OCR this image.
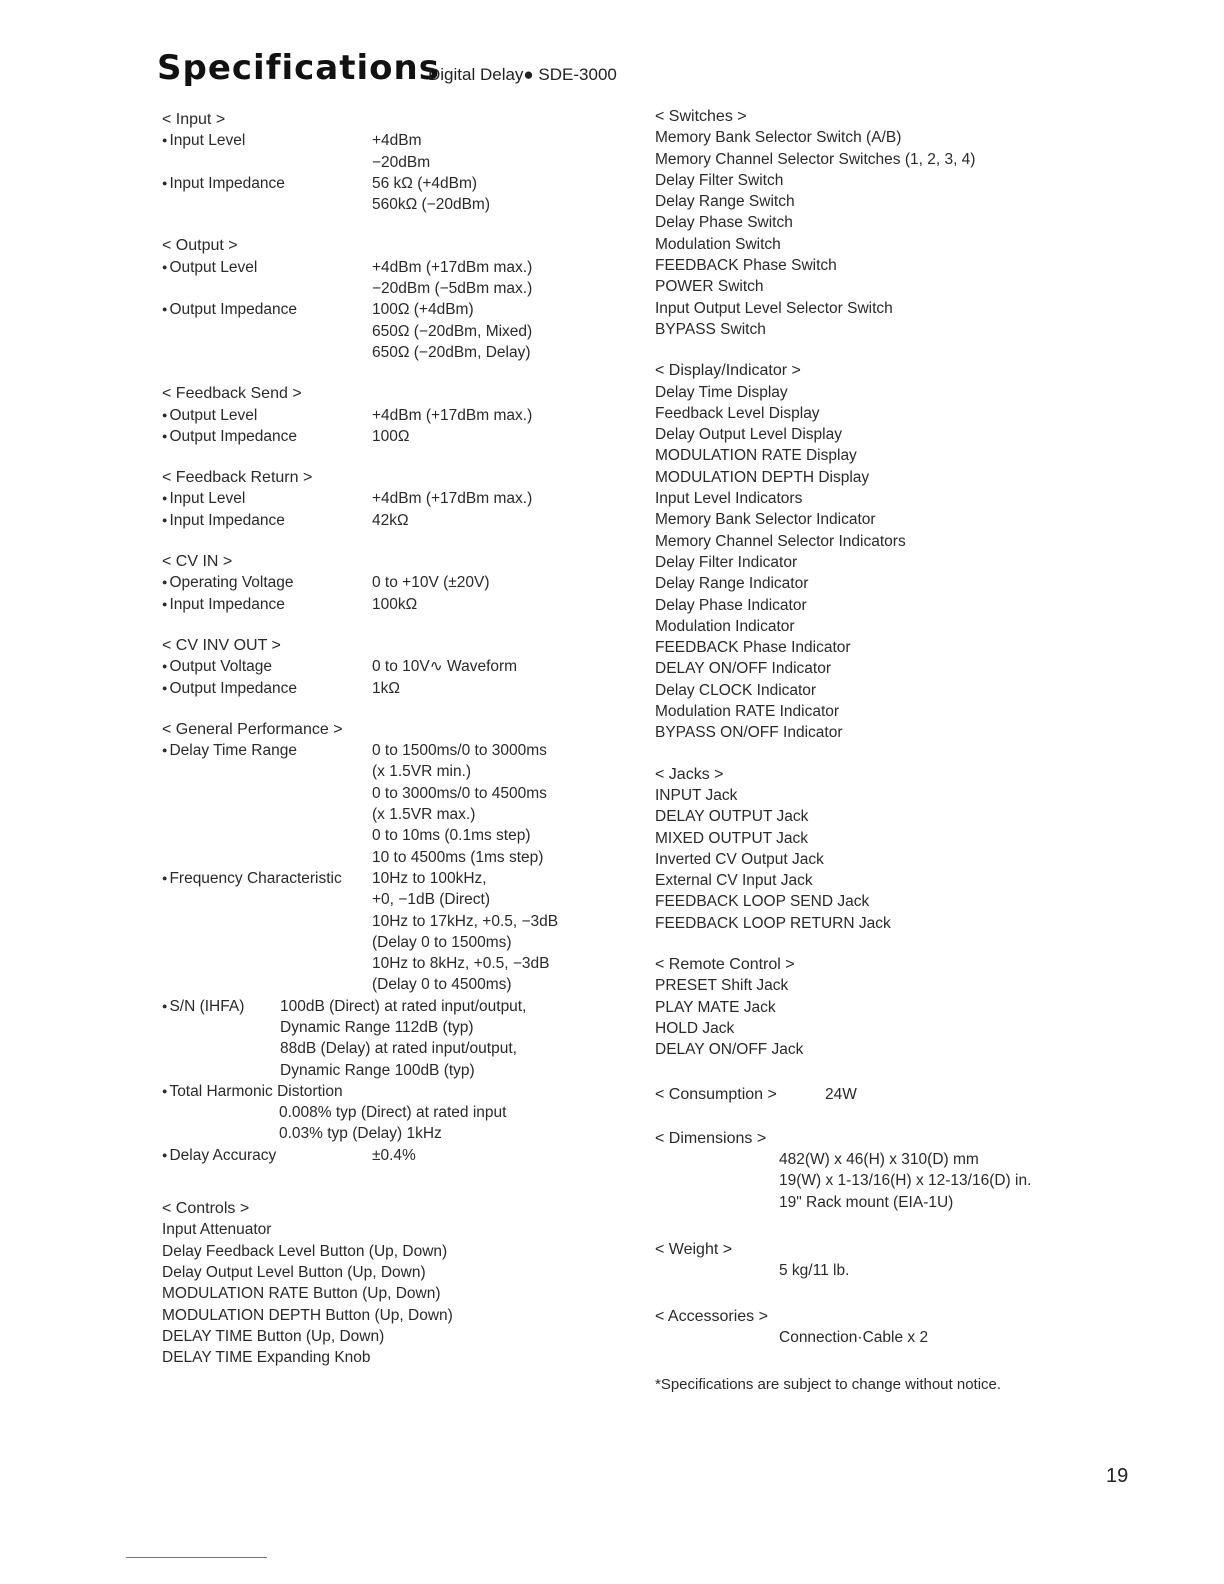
Specifications
Digital Delay● SDE-3000
< Input >
● Input Level	+4dBm
−20dBm
● Input Impedance	56 kΩ (+4dBm)
560kΩ (−20dBm)
< Output >
● Output Level	+4dBm (+17dBm max.)
−20dBm (−5dBm max.)
● Output Impedance	100Ω (+4dBm)
650Ω (−20dBm, Mixed)
650Ω (−20dBm, Delay)
< Feedback Send >
● Output Level	+4dBm (+17dBm max.)
● Output Impedance	100Ω
< Feedback Return >
● Input Level	+4dBm (+17dBm max.)
● Input Impedance	42kΩ
< CV IN >
● Operating Voltage	0 to +10V (±20V)
● Input Impedance	100kΩ
< CV INV OUT >
● Output Voltage	0 to 10V∿ Waveform
● Output Impedance	1kΩ
< General Performance >
● Delay Time Range	0 to 1500ms/0 to 3000ms
(x 1.5VR min.)
0 to 3000ms/0 to 4500ms
(x 1.5VR max.)
0 to 10ms (0.1ms step)
10 to 4500ms (1ms step)
● Frequency Characteristic	10Hz to 100kHz,
+0, −1dB (Direct)
10Hz to 17kHz, +0.5, −3dB
(Delay 0 to 1500ms)
10Hz to 8kHz, +0.5, −3dB
(Delay 0 to 4500ms)
● S/N (IHFA)	100dB (Direct) at rated input/output,
Dynamic Range 112dB (typ)
88dB (Delay) at rated input/output,
Dynamic Range 100dB (typ)
● Total Harmonic Distortion
0.008% typ (Direct) at rated input
0.03% typ (Delay) 1kHz
● Delay Accuracy	±0.4%
< Controls >
Input Attenuator
Delay Feedback Level Button (Up, Down)
Delay Output Level Button (Up, Down)
MODULATION RATE Button (Up, Down)
MODULATION DEPTH Button (Up, Down)
DELAY TIME Button (Up, Down)
DELAY TIME Expanding Knob
< Switches >
Memory Bank Selector Switch (A/B)
Memory Channel Selector Switches (1, 2, 3, 4)
Delay Filter Switch
Delay Range Switch
Delay Phase Switch
Modulation Switch
FEEDBACK Phase Switch
POWER Switch
Input Output Level Selector Switch
BYPASS Switch
< Display/Indicator >
Delay Time Display
Feedback Level Display
Delay Output Level Display
MODULATION RATE Display
MODULATION DEPTH Display
Input Level Indicators
Memory Bank Selector Indicator
Memory Channel Selector Indicators
Delay Filter Indicator
Delay Range Indicator
Delay Phase Indicator
Modulation Indicator
FEEDBACK Phase Indicator
DELAY ON/OFF Indicator
Delay CLOCK Indicator
Modulation RATE Indicator
BYPASS ON/OFF Indicator
< Jacks >
INPUT Jack
DELAY OUTPUT Jack
MIXED OUTPUT Jack
Inverted CV Output Jack
External CV Input Jack
FEEDBACK LOOP SEND Jack
FEEDBACK LOOP RETURN Jack
< Remote Control >
PRESET Shift Jack
PLAY MATE Jack
HOLD Jack
DELAY ON/OFF Jack
< Consumption >	24W
< Dimensions >
482(W) x 46(H) x 310(D) mm
19(W) x 1-13/16(H) x 12-13/16(D) in.
19" Rack mount (EIA-1U)
< Weight >
5 kg/11 lb.
< Accessories >
Connection·Cable x 2
*Specifications are subject to change without notice.
19
